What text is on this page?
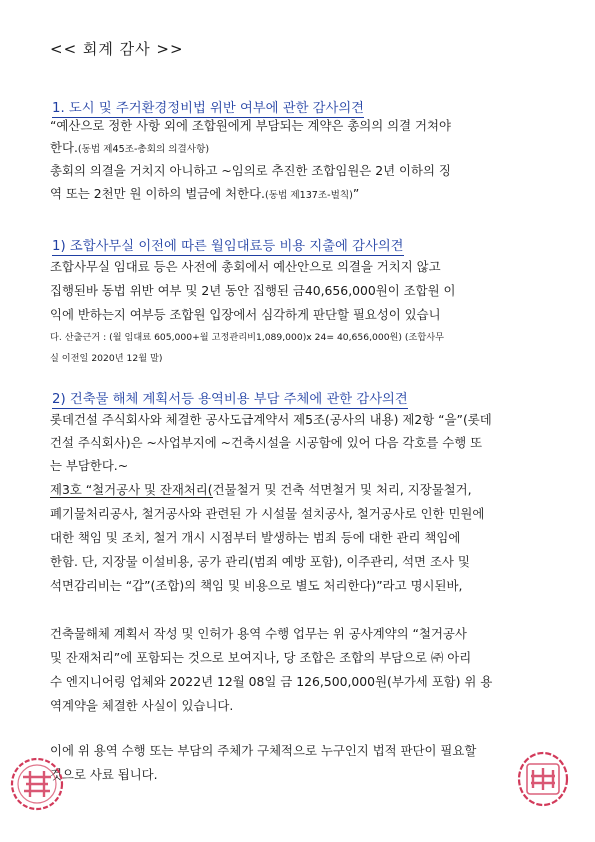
<< 회계 감사 >>
1. 도시 및 주거환경정비법 위반 여부에 관한 감사의견
“예산으로 정한 사항 외에 조합원에게 부담되는 계약은 총의의 의결 거쳐야
한다.(동법 제45조-총회의 의결사항)
총회의 의결을 거치지 아니하고 ~임의로 추진한 조합임원은 2년 이하의 징
역 또는 2천만 원 이하의 벌금에 처한다.(동법 제137조-벌칙)”
1) 조합사무실 이전에 따른 월임대료등 비용 지출에 감사의견
조합사무실 임대료 등은 사전에 총회에서 예산안으로 의결을 거치지 않고
집행된바 동법 위반 여부 및 2년 동안 집행된 금40,656,000원이 조합원 이
익에 반하는지 여부등 조합원 입장에서 심각하게 판단할 필요성이 있습니
다. 산출근거 : (월 임대료 605,000+월 고정관리비1,089,000)x 24= 40,656,000원) (조합사무
실 이전일 2020년 12월 말)
2) 건축물 해체 계획서등 용역비용 부담 주체에 관한 감사의견
롯데건설 주식회사와 체결한 공사도급계약서 제5조(공사의 내용) 제2항 “을”(롯데
건설 주식회사)은 ~사업부지에 ~건축시설을 시공함에 있어 다음 각호를 수행 또
는 부담한다.~
제3호 “철거공사 및 잔재처리(건물철거 및 건축 석면철거 및 처리, 지장물철거,
폐기물처리공사, 철거공사와 관련된 가 시설물 설치공사, 철거공사로 인한 민원에
대한 책임 및 조치, 철거 개시 시점부터 발생하는 범죄 등에 대한 관리 책임에
한함. 단, 지장물 이설비용, 공가 관리(범죄 예방 포함), 이주관리, 석면 조사 및
석면감리비는 “갑”(조합)의 책임 및 비용으로 별도 처리한다)”라고 명시된바,
건축물해체 계획서 작성 및 인허가 용역 수행 업무는 위 공사계약의 “철거공사
및 잔재처리”에 포함되는 것으로 보여지나, 당 조합은 조합의 부담으로 ㈜ 아리
수 엔지니어링 업체와 2022년 12월 08일 금 126,500,000원(부가세 포함) 위 용
역계약을 체결한 사실이 있습니다.
이에 위 용역 수행 또는 부담의 주체가 구체적으로 누구인지 법적 판단이 필요할
것으로 사료 됩니다.
